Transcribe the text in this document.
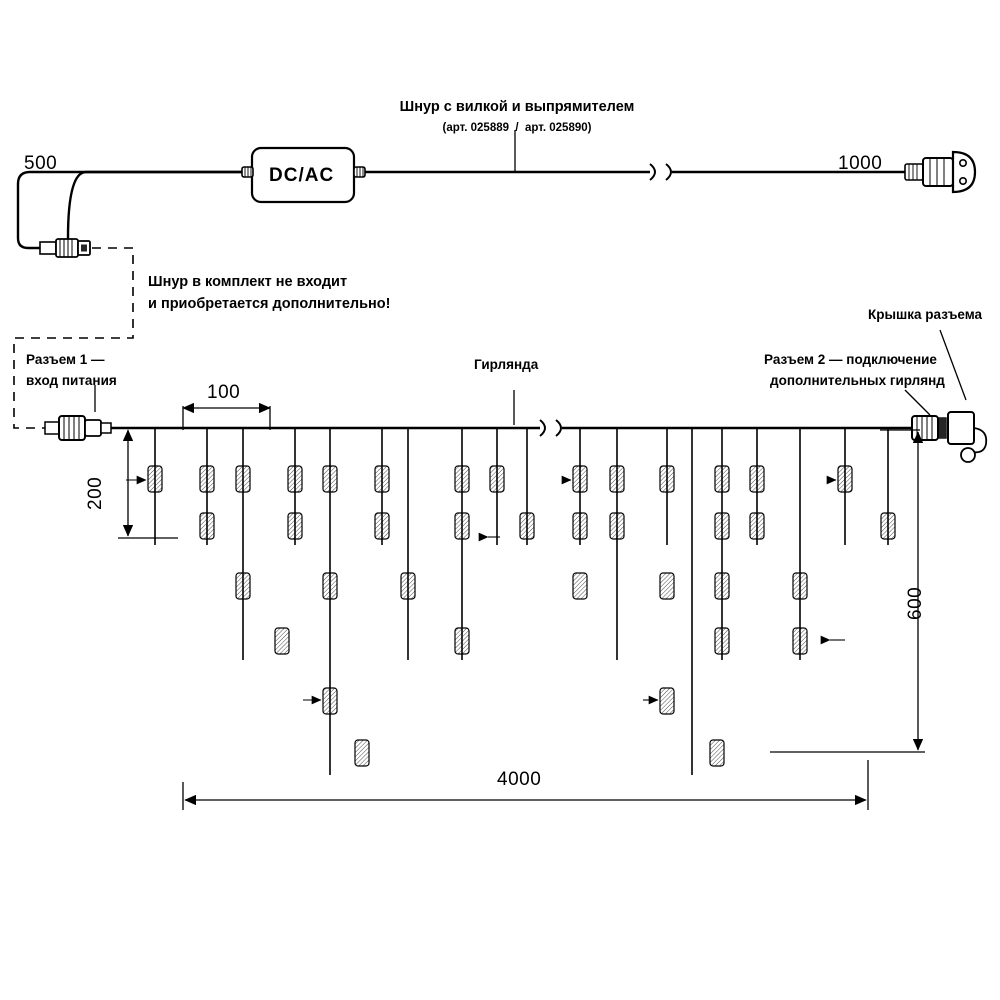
Шнур с вилкой и выпрямителем
(арт. 025889  /  арт. 025890)
500	1000
DC/AC
Шнур в комплект не входит
и приобретается дополнительно!
Разъем 1 —
вход питания
Гирлянда	Разъем 2 — подключение
дополнительных гирлянд
Крышка разъема
100
200
600
4000
